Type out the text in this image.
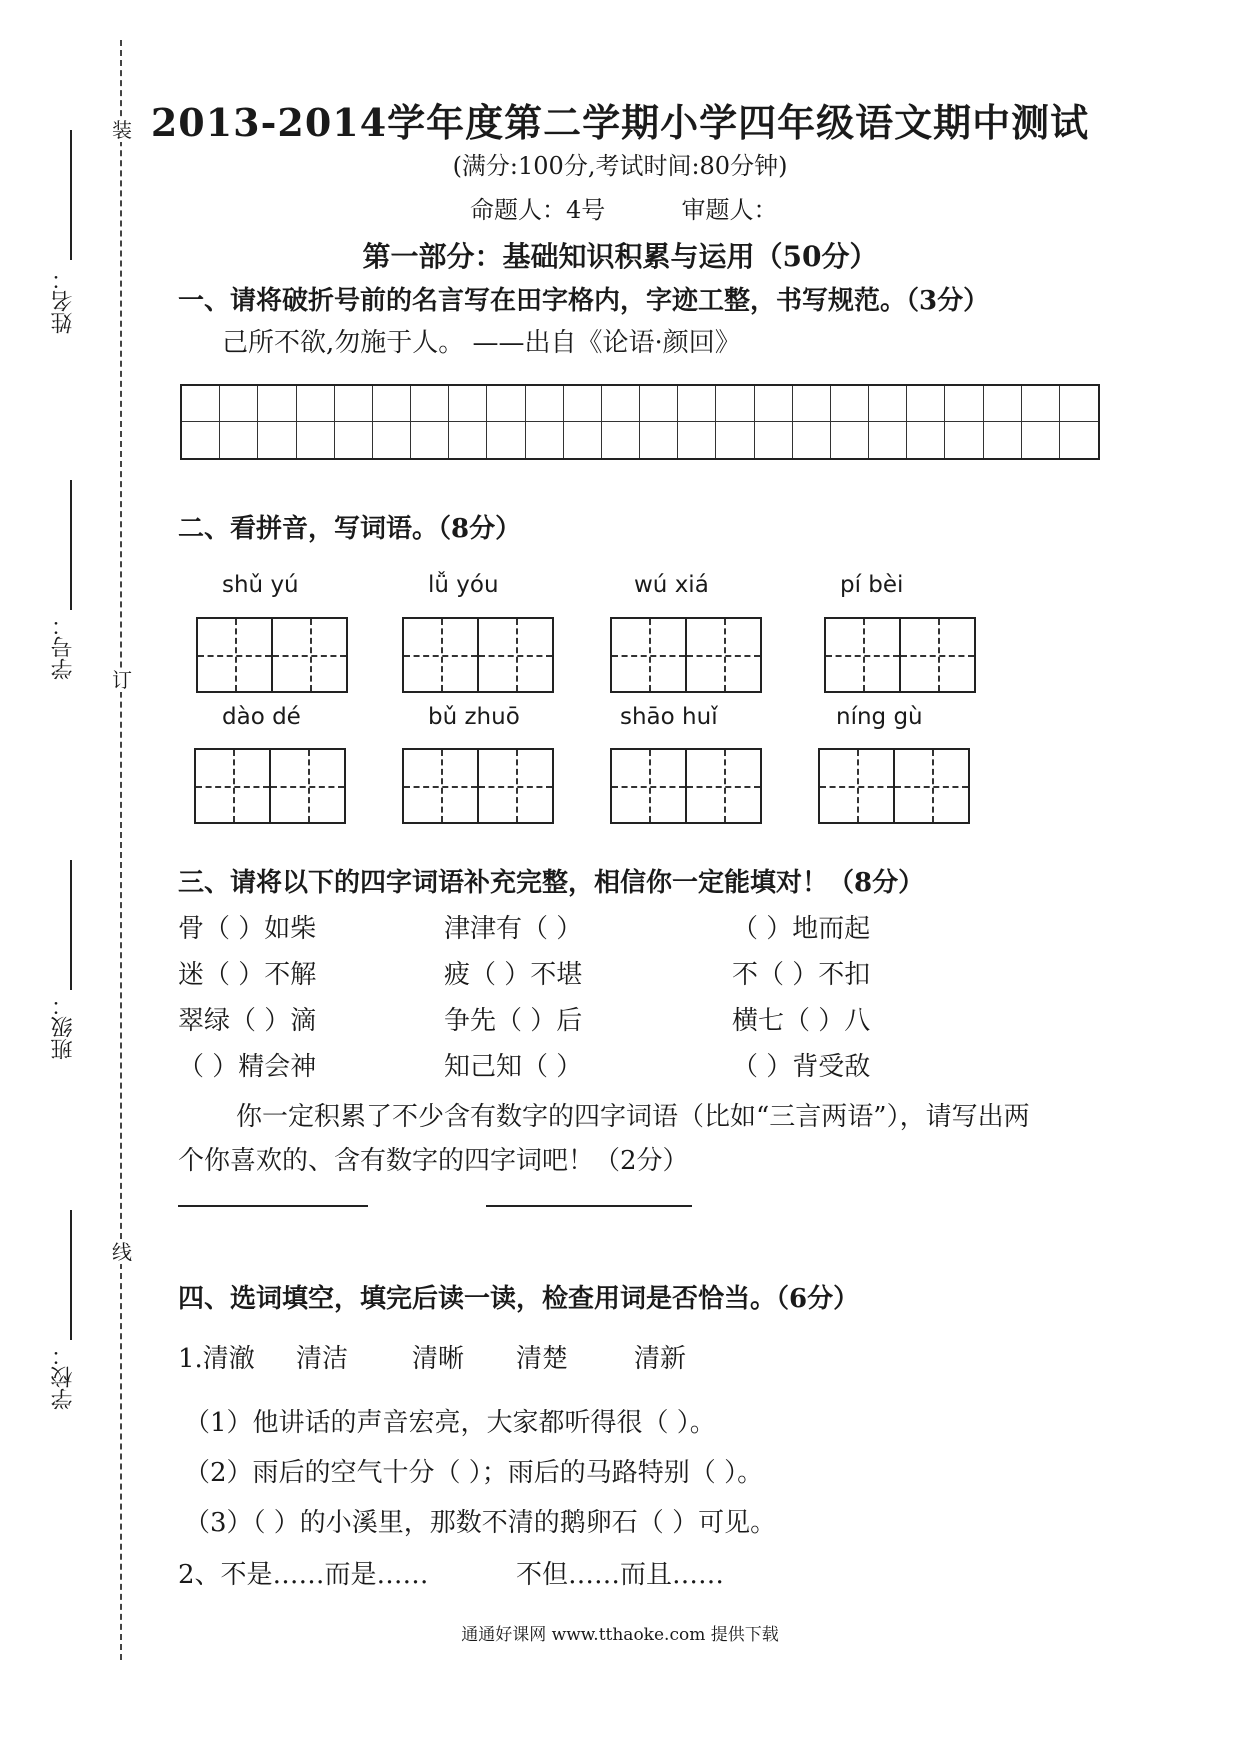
装
订
线
姓名：
学号：
班级：
学校：
2013-2014学年度第二学期小学四年级语文期中测试
(满分:100分,考试时间:80分钟)
命题人：4号          审题人：
第一部分：基础知识积累与运用（50分）
一、请将破折号前的名言写在田字格内，字迹工整，书写规范。（3分）
己所不欲,勿施于人。 ——出自《论语·颜回》
二、看拼音，写词语。（8分）
shǔ yú	lǚ yóu	wú xiá	pí bèi
dào dé	bǔ zhuō	shāo huǐ	níng gù
三、请将以下的四字词语补充完整，相信你一定能填对！（8分）
骨（ ）如柴	津津有（ ）	（ ）地而起
迷（ ）不解	疲（ ）不堪	不（ ）不扣
翠绿（ ）滴	争先（ ）后	横七（ ）八
（ ）精会神	知己知（ ）	（ ）背受敌
你一定积累了不少含有数字的四字词语（比如“三言两语”），请写出两
个你喜欢的、含有数字的四字词吧！（2分）
四、选词填空，填完后读一读，检查用词是否恰当。（6分）
1.清澈 清洁 清晰 清楚	清新
（1）他讲话的声音宏亮，大家都听得很（ ）。
（2）雨后的空气十分（ ）；雨后的马路特别（ ）。
（3）（ ）的小溪里，那数不清的鹅卵石（ ）可见。
2、不是……而是……	不但……而且……
通通好课网 www.tthaoke.com 提供下载
